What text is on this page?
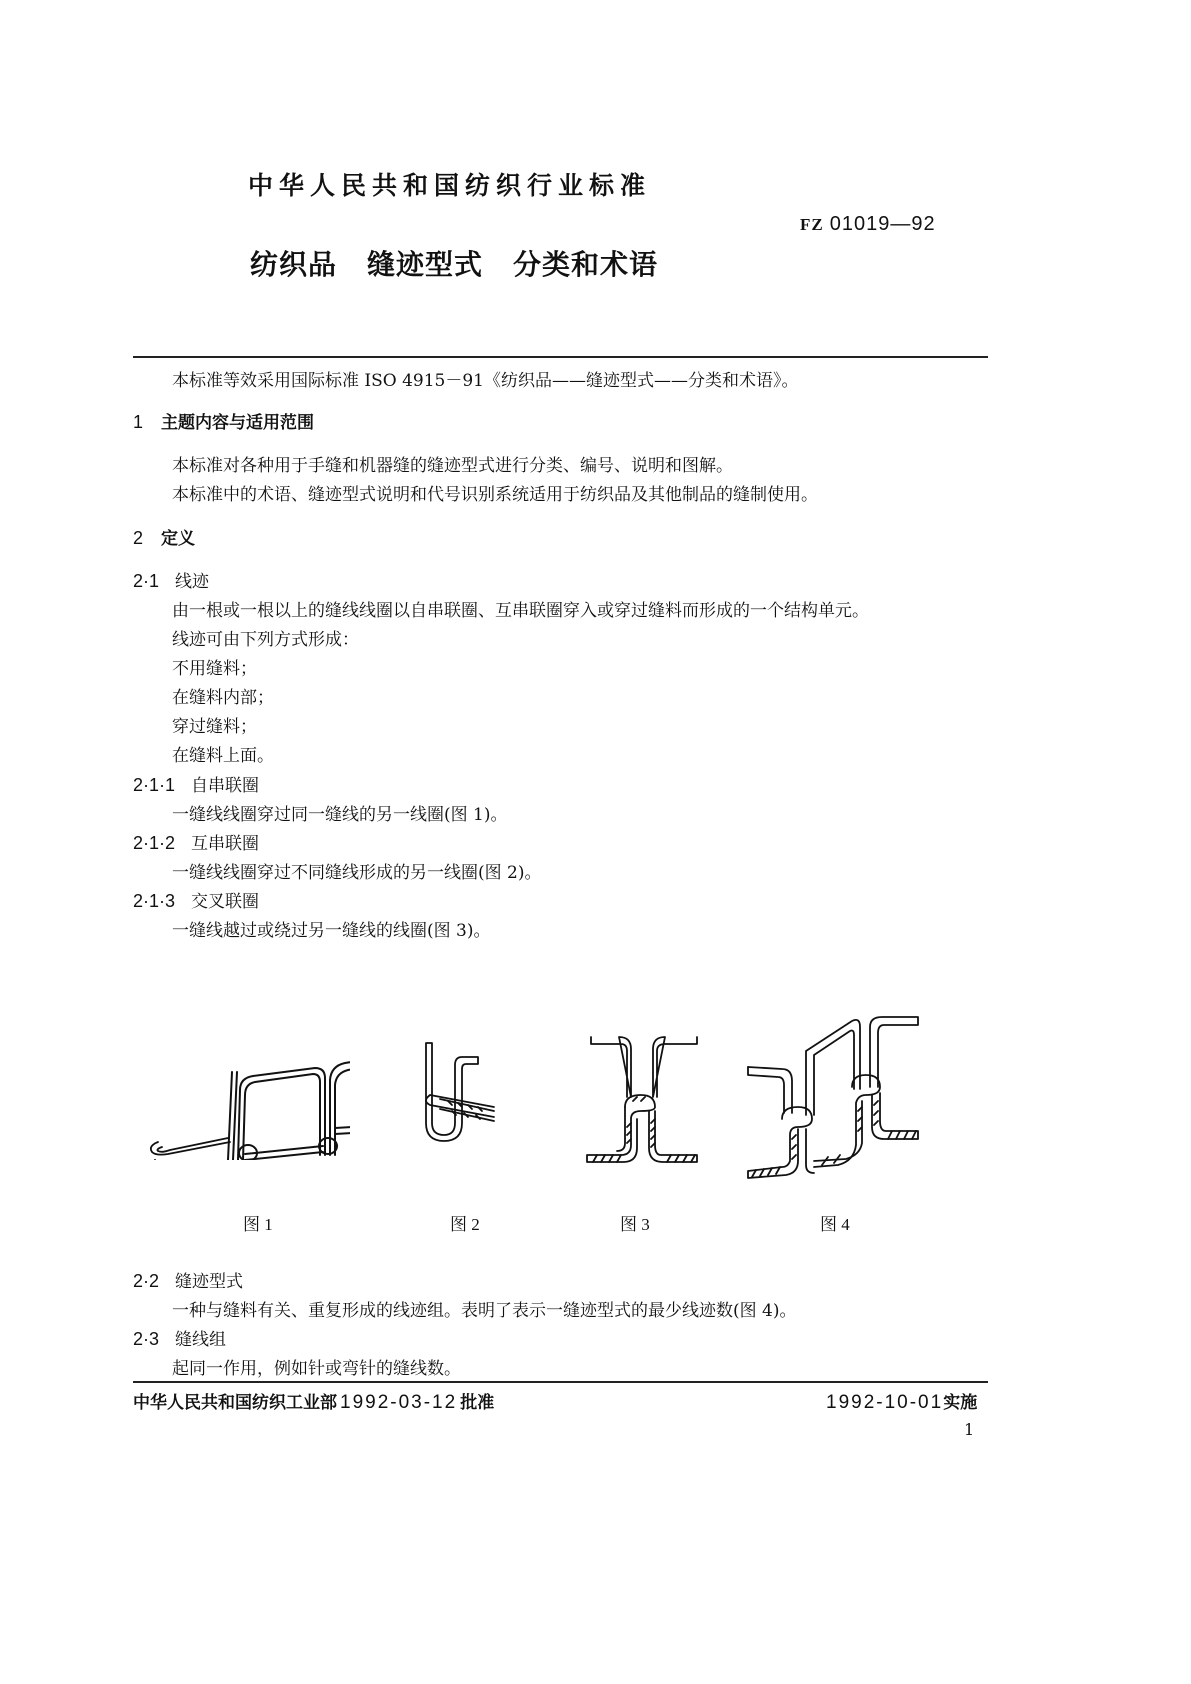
中华人民共和国纺织行业标准
FZ 01019—92
纺织品 缝迹型式 分类和术语
本标准等效采用国际标准 ISO 4915－91《纺织品——缝迹型式——分类和术语》。
1 主题内容与适用范围
本标准对各种用于手缝和机器缝的缝迹型式进行分类、编号、说明和图解。
本标准中的术语、缝迹型式说明和代号识别系统适用于纺织品及其他制品的缝制使用。
2 定义
2·1 线迹
由一根或一根以上的缝线线圈以自串联圈、互串联圈穿入或穿过缝料而形成的一个结构单元。
线迹可由下列方式形成：
不用缝料；
在缝料内部；
穿过缝料；
在缝料上面。
2·1·1 自串联圈
一缝线线圈穿过同一缝线的另一线圈(图 1)。
2·1·2 互串联圈
一缝线线圈穿过不同缝线形成的另一线圈(图 2)。
2·1·3 交叉联圈
一缝线越过或绕过另一缝线的线圈(图 3)。
图 1	图 2	图 3	图 4
2·2 缝迹型式
一种与缝料有关、重复形成的线迹组。表明了表示一缝迹型式的最少线迹数(图 4)。
2·3 缝线组
起同一作用，例如针或弯针的缝线数。
中华人民共和国纺织工业部 1992-03-12 批准	1992-10-01实施
1
